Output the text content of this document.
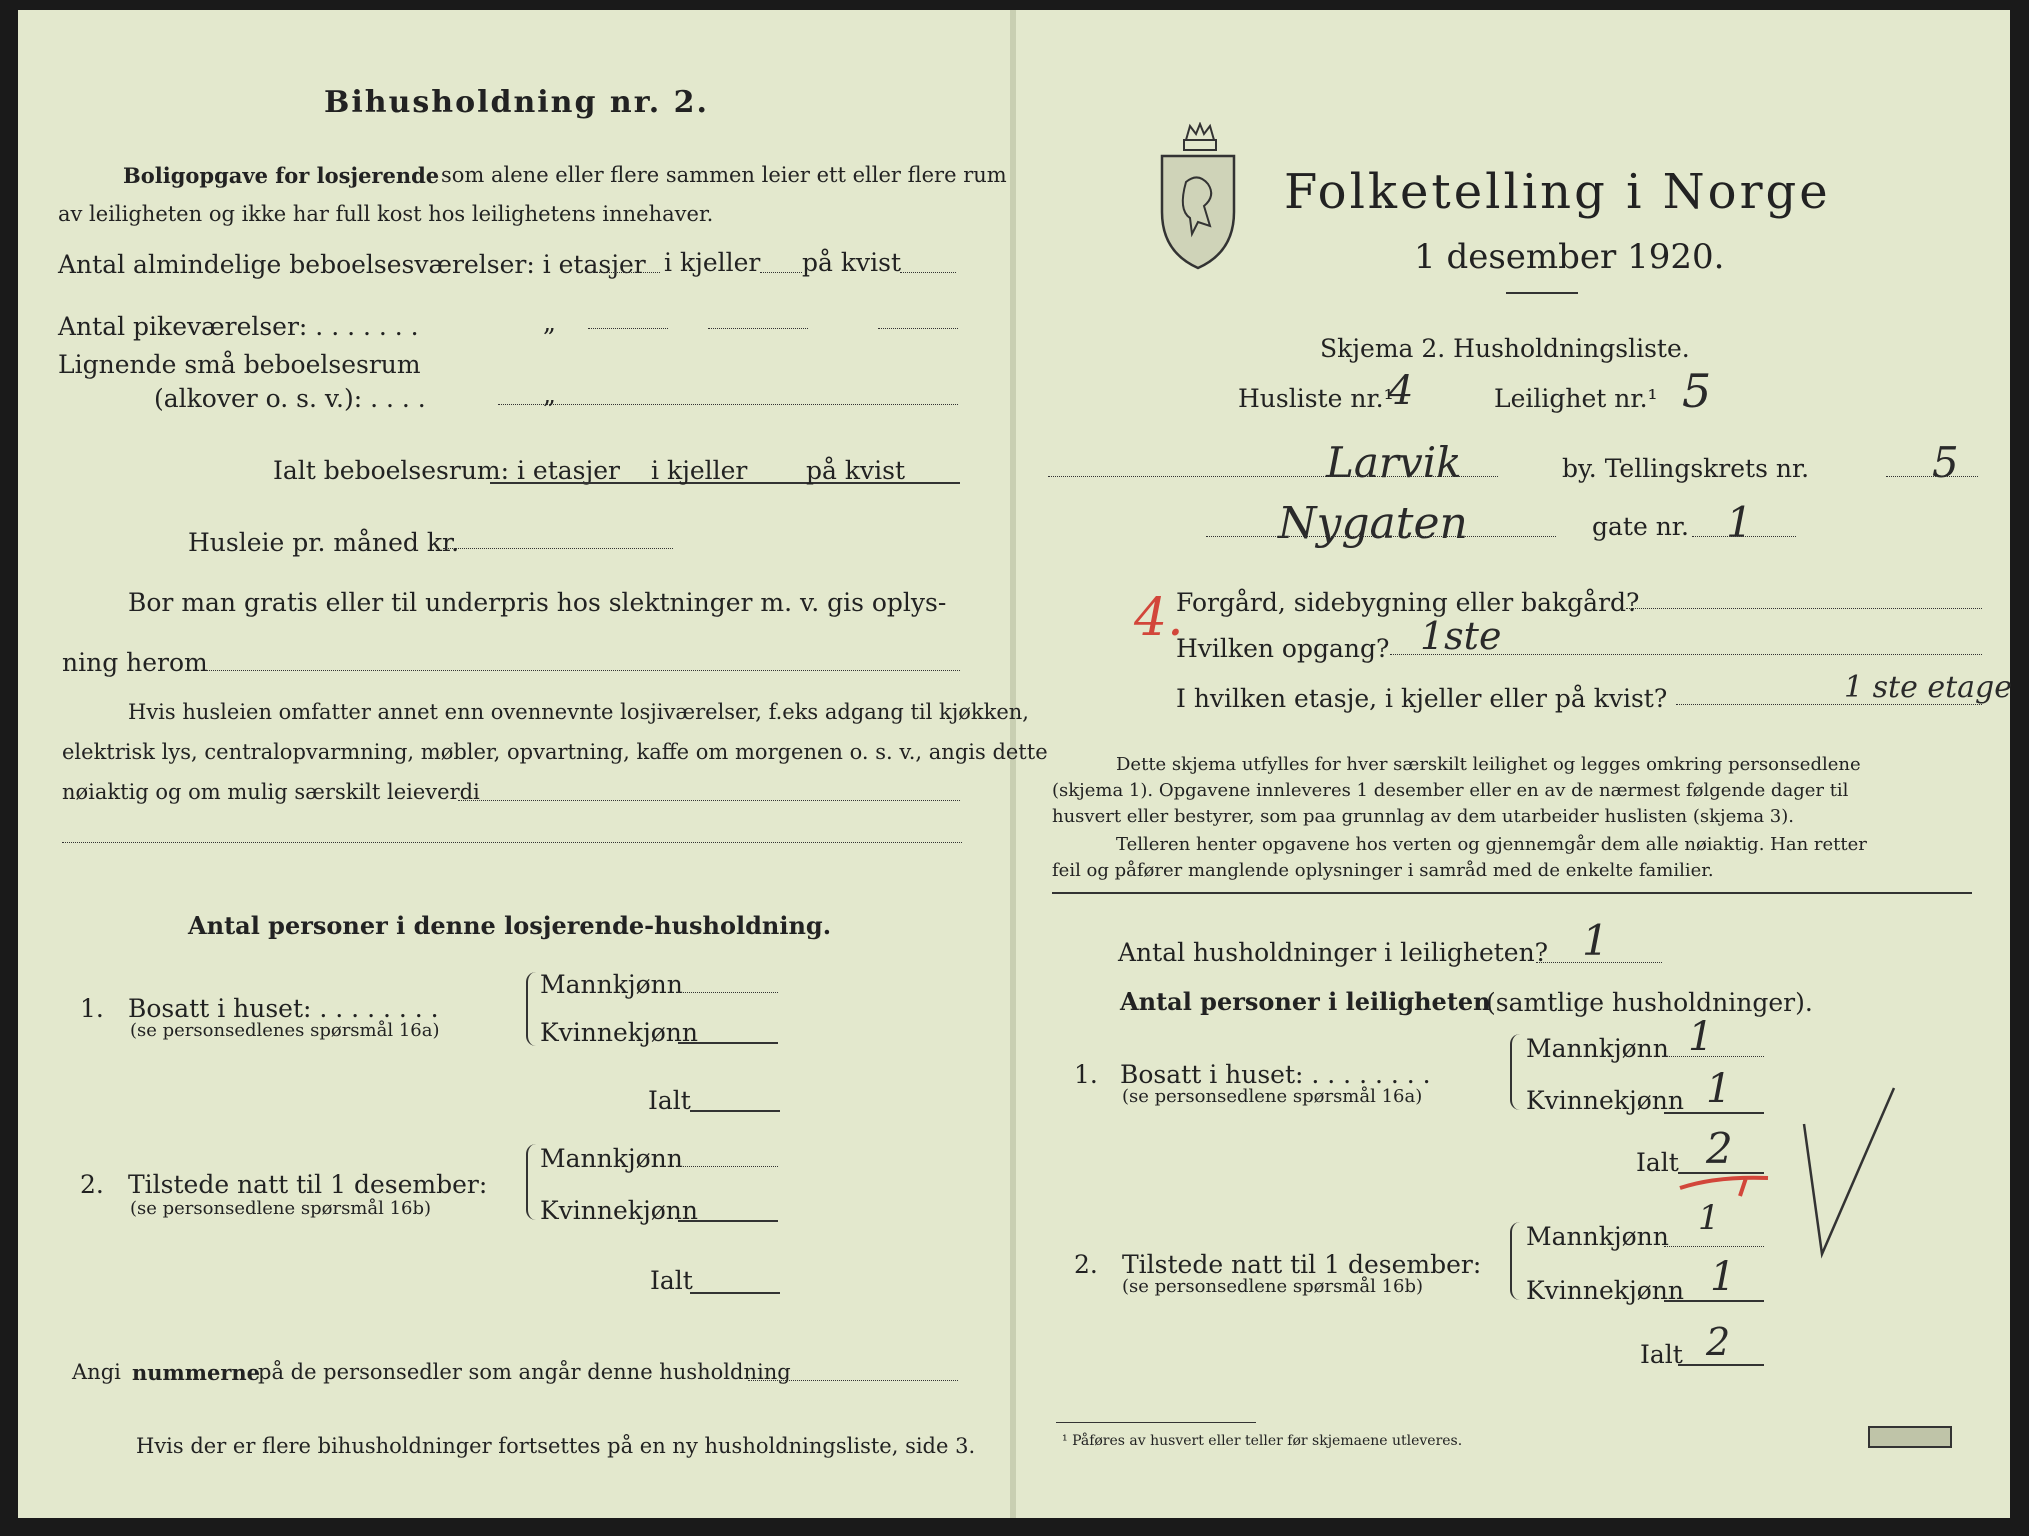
Bihusholdning nr. 2.
Boligopgave for losjerende som alene eller flere sammen leier ett eller flere rum
av leiligheten og ikke har full kost hos leilighetens innehaver.
Antal almindelige beboelsesværelser: i etasjer i kjeller på kvist
Antal pikeværelser: . . . . . . .	„
Lignende små beboelsesrum
(alkover o. s. v.): . . . .	„
Ialt beboelsesrum: i etasjer i kjeller på kvist
Husleie pr. måned kr.
Bor man gratis eller til underpris hos slektninger m. v. gis oplys-
ning herom
Hvis husleien omfatter annet enn ovennevnte losjiværelser, f.eks adgang til kjøkken,
elektrisk lys, centralopvarmning, møbler, opvartning, kaffe om morgenen o. s. v., angis dette
nøiaktig og om mulig særskilt leieverdi
Antal personer i denne losjerende-husholdning.
1. Bosatt i huset: . . . . . . . .
(se personsedlenes spørsmål 16a)
Mannkjønn
Kvinnekjønn
Ialt
2. Tilstede natt til 1 desember:
(se personsedlene spørsmål 16b)
Mannkjønn
Kvinnekjønn
Ialt
Angi nummerne
på de personsedler som angår denne husholdning
Hvis der er flere bihusholdninger fortsettes på en ny husholdningsliste, side 3.
Folketelling i Norge
1 desember 1920.
Skjema 2. Husholdningsliste.
Husliste nr.¹
4	Leilighet nr.¹ 5
Larvik	by. Tellingskrets nr.	5
Nygaten	gate nr. 1
4.
Forgård, sidebygning eller bakgård?
Hvilken opgang? 1ste
I hvilken etasje, i kjeller eller på kvist?	1 ste etage
Dette skjema utfylles for hver særskilt leilighet og legges omkring personsedlene
(skjema 1). Opgavene innleveres 1 desember eller en av de nærmest følgende dager til
husvert eller bestyrer, som paa grunnlag av dem utarbeider huslisten (skjema 3).
Telleren henter opgavene hos verten og gjennemgår dem alle nøiaktig. Han retter
feil og påfører manglende oplysninger i samråd med de enkelte familier.
Antal husholdninger i leiligheten? 1
Antal personer i leiligheten
(samtlige husholdninger).
1. Bosatt i huset: . . . . . . . .
(se personsedlene spørsmål 16a)
Mannkjønn 1
Kvinnekjønn 1
Ialt 2
2. Tilstede natt til 1 desember:
(se personsedlene spørsmål 16b)
Mannkjønn 1
Kvinnekjønn 1
Ialt 2
¹ Påføres av husvert eller teller før skjemaene utleveres.
